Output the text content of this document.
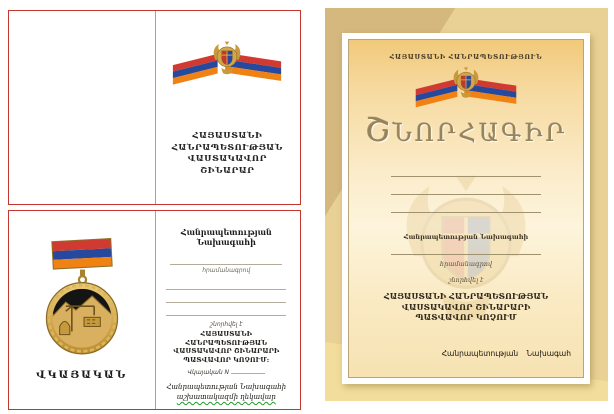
ՀԱՅԱՍՏԱՆԻ
ՀԱՆՐԱՊԵՏՈՒԹՅԱՆ
ՎԱՍՏԱԿԱՎՈՐ
ՇԻՆԱՐԱՐ
ՎԿԱՅԱԿԱՆ
Հանրապետության Նախագահի
հրամանագրով
շնորհվել է
ՀԱՅԱՍՏԱՆԻ ՀԱՆՐԱՊԵՏՈՒԹՅԱՆ
ՎԱՍՏԱԿԱՎՈՐ ՇԻՆԱՐԱՐԻ
ՊԱՏՎԱՎՈՐ ԿՈՉՈՒՄ:
Վկայական N
Հանրապետության Նախագահի
աշխատակազմի ղեկավար
ՀԱՅԱՍՏԱՆԻ ՀԱՆՐԱՊԵՏՈՒԹՅՈՒՆ
ՇՆՈՐՀԱԳԻՐ
Հանրապետության Նախագահի
հրամանագրով
շնորհվել է
ՀԱՅԱՍՏԱՆԻ ՀԱՆՐԱՊԵՏՈՒԹՅԱՆ
ՎԱՍՏԱԿԱՎՈՐ ՇԻՆԱՐԱՐԻ
ՊԱՏՎԱՎՈՐ ԿՈՉՈՒՄ
Հանրապետության Նախագահ
